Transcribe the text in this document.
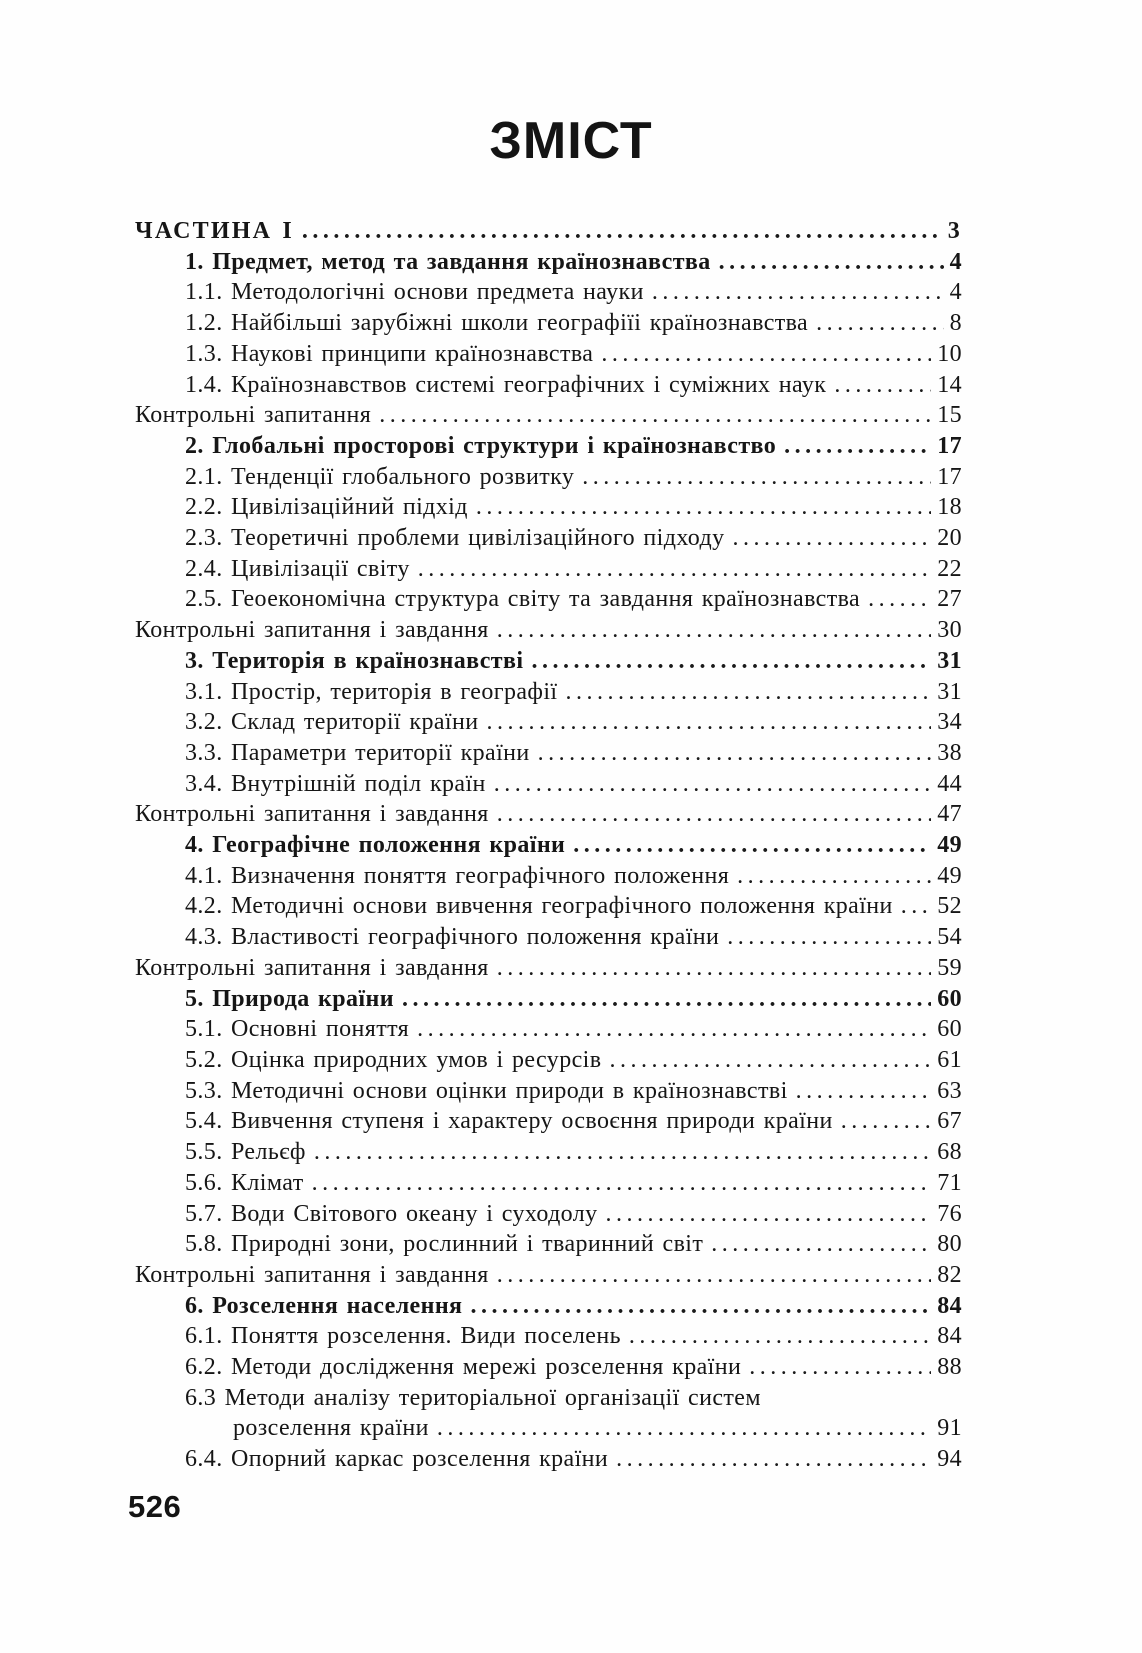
ЗМІСТ
ЧАСТИНА I .....	3
1. Предмет, метод та завдання країнознавства .....	4
1.1. Методологічні основи предмета науки .....	4
1.2. Найбільші зарубіжні школи географіїі країнознавства .....	8
1.3. Наукові принципи країнознавства .....	10
1.4. Країнознавствов системі географічних і суміжних наук .....	14
Контрольні запитання .....	15
2. Глобальні просторові структури і країнознавство .....	17
2.1. Тенденції глобального розвитку .....	17
2.2. Цивілізаційний підхід .....	18
2.3. Теоретичні проблеми цивілізаційного підходу .....	20
2.4. Цивілізації світу .....	22
2.5. Геоекономічна структура світу та завдання країнознавства .....	27
Контрольні запитання і завдання .....	30
3. Територія в країнознавстві .....	31
3.1. Простір, територія в географії .....	31
3.2. Склад території країни .....	34
3.3. Параметри території країни .....	38
3.4. Внутрішній поділ країн .....	44
Контрольні запитання і завдання .....	47
4. Географічне положення країни .....	49
4.1. Визначення поняття географічного положення .....	49
4.2. Методичні основи вивчення географічного положення країни ..... 52
4.3. Властивості географічного положення країни .....	54
Контрольні запитання і завдання .....	59
5. Природа країни .....	60
5.1. Основні поняття .....	60
5.2. Оцінка природних умов і ресурсів .....	61
5.3. Методичні основи оцінки природи в країнознавстві .....	63
5.4. Вивчення ступеня і характеру освоєння природи країни .....	67
5.5. Рельєф .....	68
5.6. Клімат .....	71
5.7. Води Світового океану і суходолу .....	76
5.8. Природні зони, рослинний і тваринний світ .....	80
Контрольні запитання і завдання .....	82
6. Розселення населення .....	84
6.1. Поняття розселення. Види поселень .....	84
6.2. Методи дослідження мережі розселення країни .....	88
6.3 Методи аналізу територіальної організації систем
розселення країни .....	91
6.4. Опорний каркас розселення країни .....	94
526
